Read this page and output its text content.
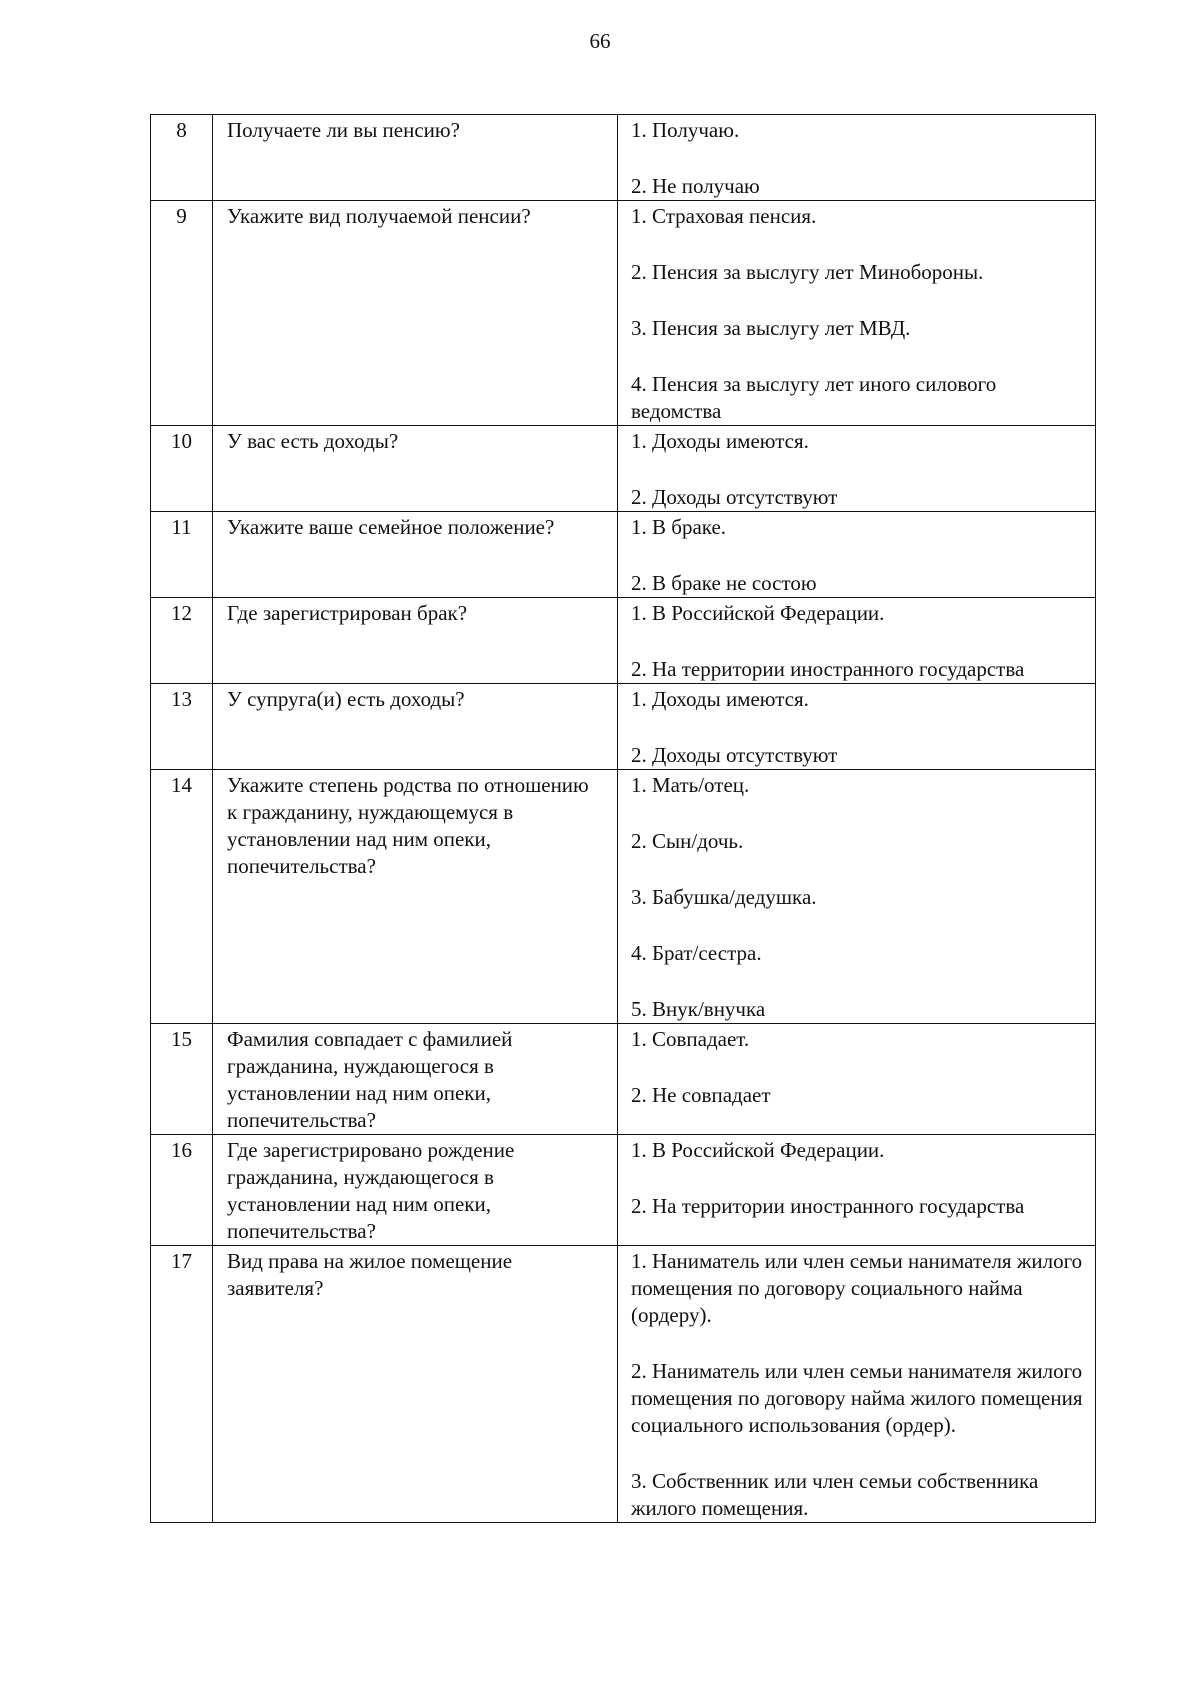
66
8	Получаете ли вы пенсию?	1. Получаю.
2. Не получаю

9	Укажите вид получаемой пенсии?	1. Страховая пенсия.
2. Пенсия за выслугу лет Минобороны.
3. Пенсия за выслугу лет МВД.
4. Пенсия за выслугу лет иного силового ведомства

10	У вас есть доходы?	1. Доходы имеются.
2. Доходы отсутствуют

11	Укажите ваше семейное положение?	1. В браке.
2. В браке не состою

12	Где зарегистрирован брак?	1. В Российской Федерации.
2. На территории иностранного государства

13	У супруга(и) есть доходы?	1. Доходы имеются.
2. Доходы отсутствуют

14	Укажите степень родства по отношению к гражданину, нуждающемуся в установлении над ним опеки, попечительства?	1. Мать/отец.
2. Сын/дочь.
3. Бабушка/дедушка.
4. Брат/сестра.
5. Внук/внучка

15	Фамилия совпадает с фамилией гражданина, нуждающегося в установлении над ним опеки, попечительства?	1. Совпадает.
2. Не совпадает

16	Где зарегистрировано рождение гражданина, нуждающегося в установлении над ним опеки, попечительства?	1. В Российской Федерации.
2. На территории иностранного государства

17	Вид права на жилое помещение заявителя?	1. Наниматель или член семьи нанимателя жилого помещения по договору социального найма (ордеру).
2. Наниматель или член семьи нанимателя жилого помещения по договору найма жилого помещения социального использования (ордер).
3. Собственник или член семьи собственника жилого помещения.
